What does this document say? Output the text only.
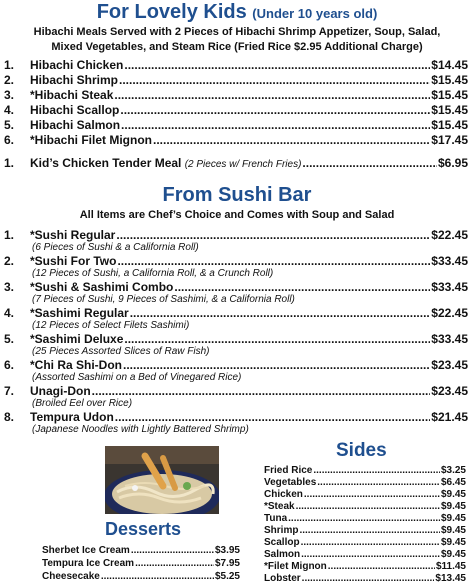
For Lovely Kids (Under 10 years old)
Hibachi Meals Served with 2 Pieces of Hibachi Shrimp Appetizer, Soup, Salad,
Mixed Vegetables, and Steam Rice (Fried Rice $2.95 Additional Charge)
1.	Hibachi Chicken .....	$14.45
2.	Hibachi Shrimp .....	$15.45
3.	*Hibachi Steak .....	$15.45
4.	Hibachi Scallop .....	$15.45
5.	Hibachi Salmon .....	$15.45
6.	*Hibachi Filet Mignon .....	$17.45
1.	Kid’s Chicken Tender Meal (2 Pieces w/ French Fries) .....	$6.95
From Sushi Bar
All Items are Chef’s Choice and Comes with Soup and Salad
1.	*Sushi Regular .....	$22.45
(6 Pieces of Sushi & a California Roll)
2.	*Sushi For Two .....	$33.45
(12 Pieces of Sushi, a California Roll, & a Crunch Roll)
3.	*Sushi & Sashimi Combo .....	$33.45
(7 Pieces of Sushi, 9 Pieces of Sashimi, & a California Roll)
4.	*Sashimi Regular .....	$22.45
(12 Pieces of Select Filets Sashimi)
5.	*Sashimi Deluxe .....	$33.45
(25 Pieces Assorted Slices of Raw Fish)
6.	*Chi Ra Shi-Don .....	$23.45
(Assorted Sashimi on a Bed of Vinegared Rice)
7.	Unagi-Don .....	$23.45
(Broiled Eel over Rice)
8.	Tempura Udon .....	$21.45
(Japanese Noodles with Lightly Battered Shrimp)
Desserts
Sherbet Ice Cream .....	$3.95
Tempura Ice Cream .....	$7.95
Cheesecake .....	$5.25
Sides
Fried Rice .....	$3.25
Vegetables .....	$6.45
Chicken .....	$9.45
*Steak .....	$9.45
Tuna .....	$9.45
Shrimp .....	$9.45
Scallop .....	$9.45
Salmon .....	$9.45
*Filet Mignon .....	$11.45
Lobster .....	$13.45
